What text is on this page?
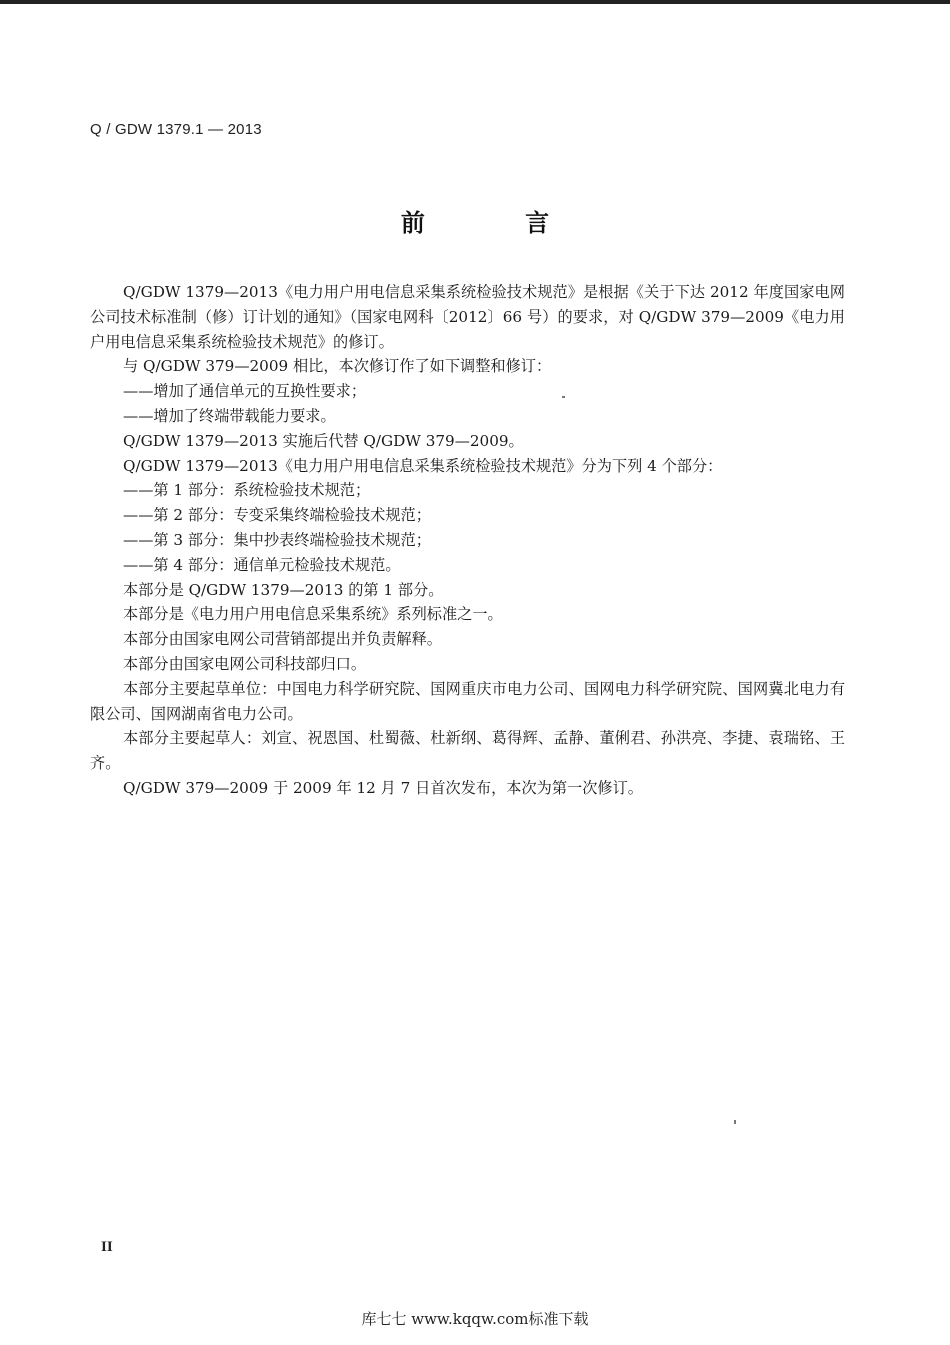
Q / GDW 1379.1 — 2013
前 言

Q/GDW 1379—2013《电力用户用电信息采集系统检验技术规范》是根据《关于下达 2012 年度国家电网公司技术标准制（修）订计划的通知》（国家电网科〔2012〕66 号）的要求，对 Q/GDW 379—2009《电力用户用电信息采集系统检验技术规范》的修订。

与 Q/GDW 379—2009 相比，本次修订作了如下调整和修订：

——增加了通信单元的互换性要求；

——增加了终端带载能力要求。

Q/GDW 1379—2013 实施后代替 Q/GDW 379—2009。

Q/GDW 1379—2013《电力用户用电信息采集系统检验技术规范》分为下列 4 个部分：

——第 1 部分：系统检验技术规范；

——第 2 部分：专变采集终端检验技术规范；

——第 3 部分：集中抄表终端检验技术规范；

——第 4 部分：通信单元检验技术规范。

本部分是 Q/GDW 1379—2013 的第 1 部分。

本部分是《电力用户用电信息采集系统》系列标准之一。

本部分由国家电网公司营销部提出并负责解释。

本部分由国家电网公司科技部归口。

本部分主要起草单位：中国电力科学研究院、国网重庆市电力公司、国网电力科学研究院、国网冀北电力有限公司、国网湖南省电力公司。

本部分主要起草人：刘宣、祝恩国、杜蜀薇、杜新纲、葛得辉、孟静、董俐君、孙洪亮、李捷、袁瑞铭、王齐。

Q/GDW 379—2009 于 2009 年 12 月 7 日首次发布，本次为第一次修订。

II
库七七 www.kqqw.com标准下载
